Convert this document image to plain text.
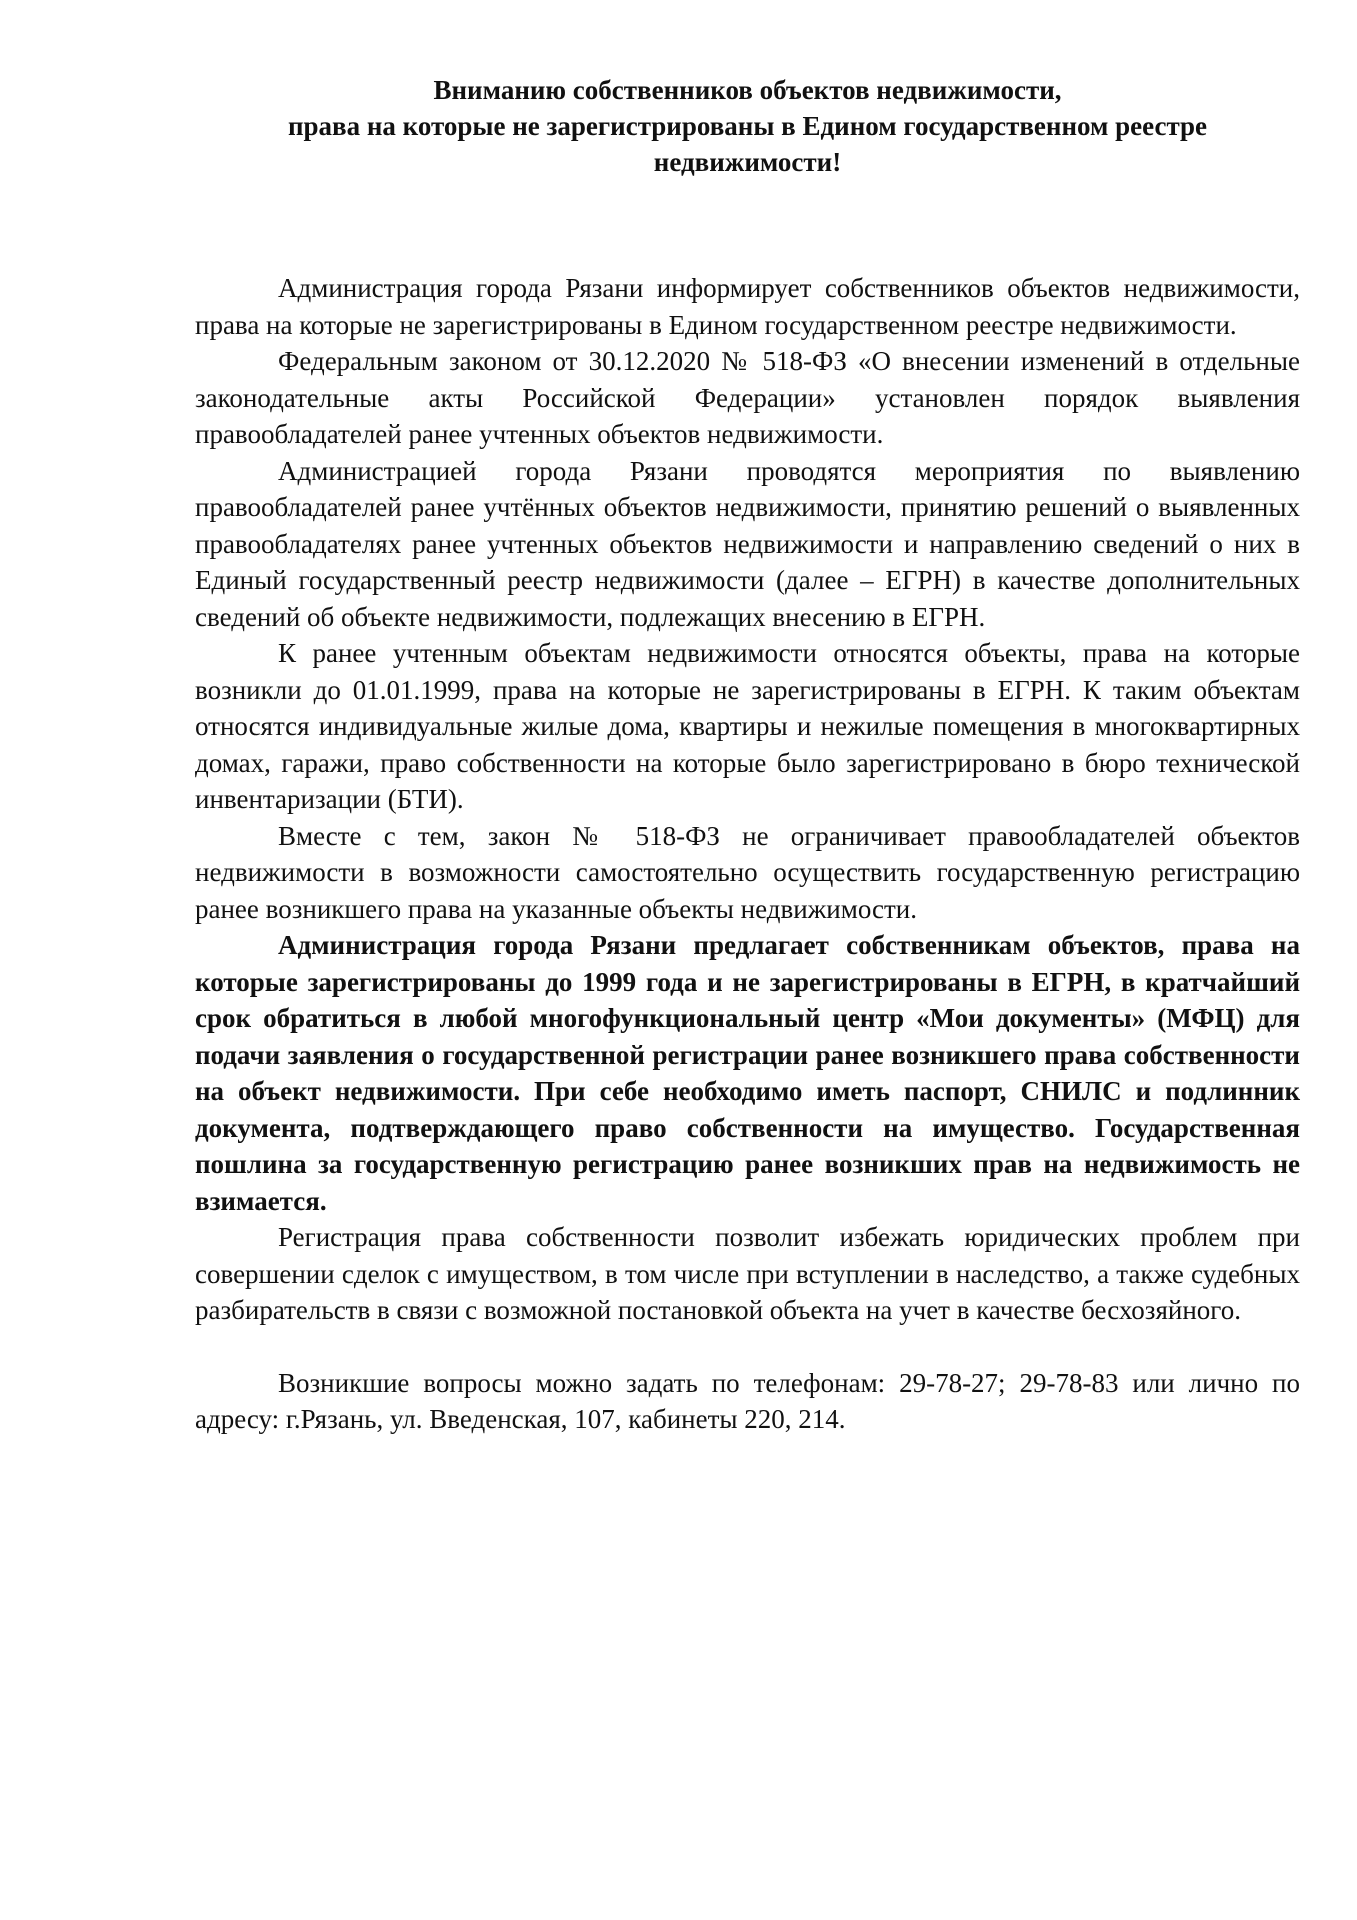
Вниманию собственников объектов недвижимости,
права на которые не зарегистрированы в Едином государственном реестре
недвижимости!

Администрация города Рязани информирует собственников объектов недвижимости, права на которые не зарегистрированы в Едином государственном реестре недвижимости.

Федеральным законом от 30.12.2020 № 518-ФЗ «О внесении изменений в отдельные законодательные акты Российской Федерации» установлен порядок выявления правообладателей ранее учтенных объектов недвижимости.

Администрацией города Рязани проводятся мероприятия по выявлению правообладателей ранее учтённых объектов недвижимости, принятию решений о выявленных правообладателях ранее учтенных объектов недвижимости и направлению сведений о них в Единый государственный реестр недвижимости (далее – ЕГРН) в качестве дополнительных сведений об объекте недвижимости, подлежащих внесению в ЕГРН.

К ранее учтенным объектам недвижимости относятся объекты, права на которые возникли до 01.01.1999, права на которые не зарегистрированы в ЕГРН. К таким объектам относятся индивидуальные жилые дома, квартиры и нежилые помещения в многоквартирных домах, гаражи, право собственности на которые было зарегистрировано в бюро технической инвентаризации (БТИ).

Вместе с тем, закон № 518-ФЗ не ограничивает правообладателей объектов недвижимости в возможности самостоятельно осуществить государственную регистрацию ранее возникшего права на указанные объекты недвижимости.

Администрация города Рязани предлагает собственникам объектов, права на которые зарегистрированы до 1999 года и не зарегистрированы в ЕГРН, в кратчайший срок обратиться в любой многофункциональный центр «Мои документы» (МФЦ) для подачи заявления о государственной регистрации ранее возникшего права собственности на объект недвижимости. При себе необходимо иметь паспорт, СНИЛС и подлинник документа, подтверждающего право собственности на имущество. Государственная пошлина за государственную регистрацию ранее возникших прав на недвижимость не взимается.

Регистрация права собственности позволит избежать юридических проблем при совершении сделок с имуществом, в том числе при вступлении в наследство, а также судебных разбирательств в связи с возможной постановкой объекта на учет в качестве бесхозяйного.

Возникшие вопросы можно задать по телефонам: 29-78-27; 29-78-83 или лично по адресу: г.Рязань, ул. Введенская, 107, кабинеты 220, 214.
